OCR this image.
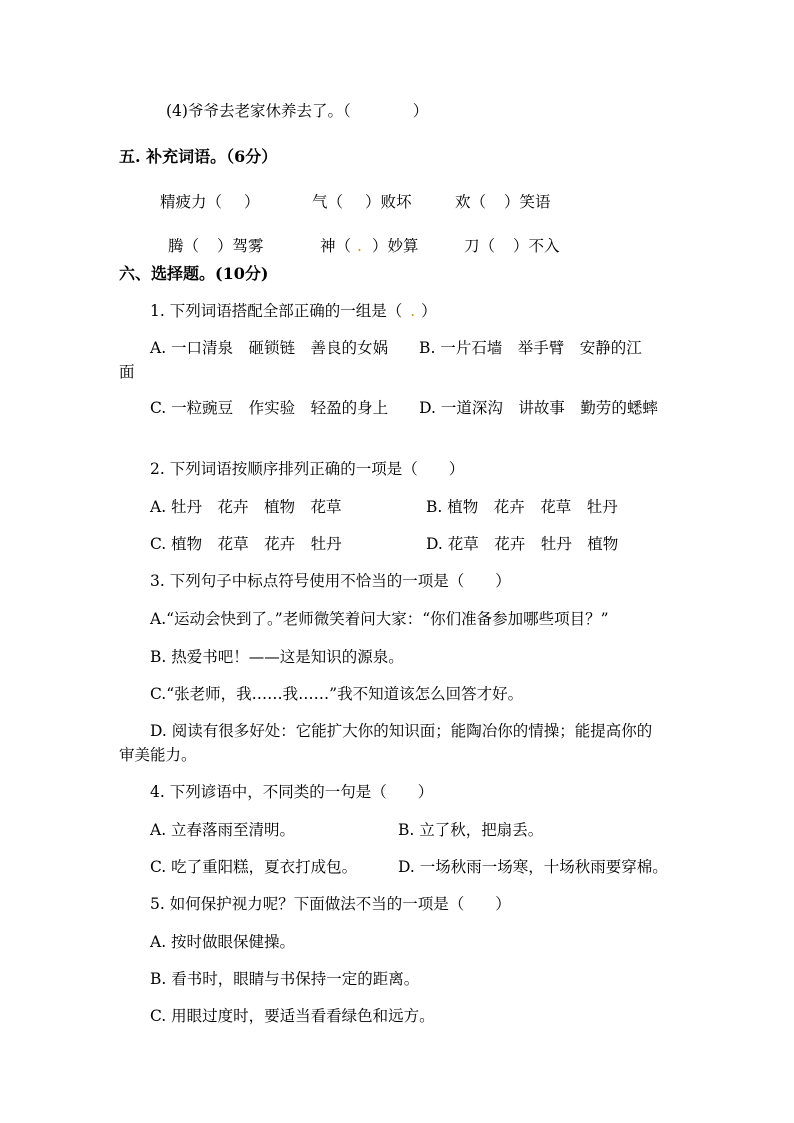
(4)爷爷去老家休养去了。（	）
五. 补充词语。（6分）
精疲力（ ）	气（ ）败坏	欢（ ）笑语
腾（ ）驾雾	神（ . ）妙算	刀（ ）不入
六、选择题。(10分)
1. 下列词语搭配全部正确的一组是（ . ）
A. 一口清泉　砸锁链　善良的女娲　　B. 一片石墙　举手臂　安静的江
面
C. 一粒豌豆　作实验　轻盈的身上　　D. 一道深沟　讲故事　勤劳的蟋蟀
2. 下列词语按顺序排列正确的一项是（　　）
A. 牡丹　花卉　植物　花草	B. 植物　花卉　花草　牡丹
C. 植物　花草　花卉　牡丹	D. 花草　花卉　牡丹　植物
3. 下列句子中标点符号使用不恰当的一项是（　　）
A.“运动会快到了。”老师微笑着问大家：“你们准备参加哪些项目？”
B. 热爱书吧！——这是知识的源泉。
C.“张老师，我……我……”我不知道该怎么回答才好。
D. 阅读有很多好处：它能扩大你的知识面；能陶冶你的情操；能提高你的
审美能力。
4. 下列谚语中，不同类的一句是（　　）
A. 立春落雨至清明。	B. 立了秋，把扇丢。
C. 吃了重阳糕，夏衣打成包。	D. 一场秋雨一场寒，十场秋雨要穿棉。
5. 如何保护视力呢？下面做法不当的一项是（　　）
A. 按时做眼保健操。
B. 看书时，眼睛与书保持一定的距离。
C. 用眼过度时，要适当看看绿色和远方。
